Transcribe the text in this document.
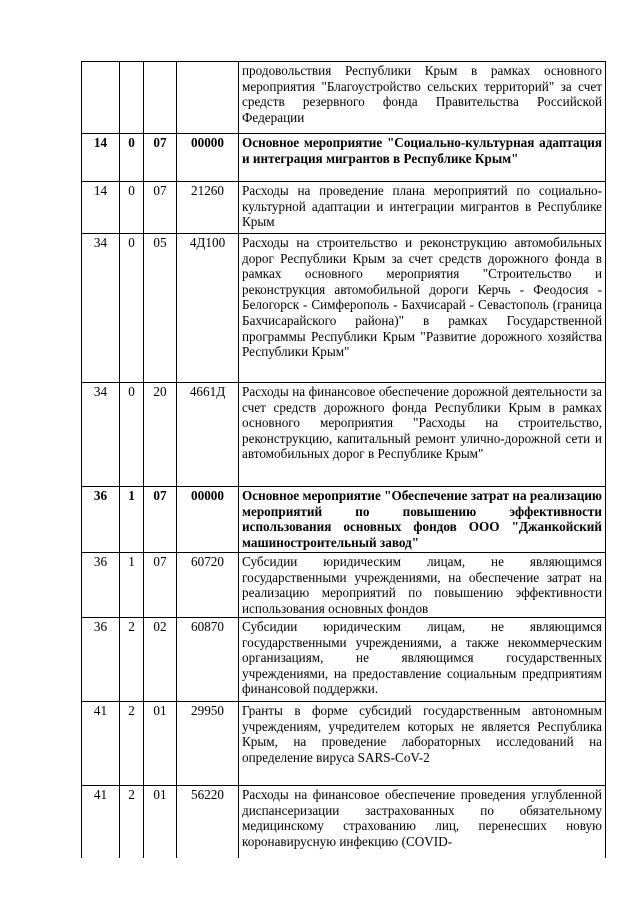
				продовольствия Республики Крым в рамках основного мероприятия "Благоустройство сельских территорий" за счет средств резервного фонда Правительства Российской Федерации
14	0	07	00000	Основное мероприятие "Социально-культурная адаптация и интеграция мигрантов в Республике Крым"
14	0	07	21260	Расходы на проведение плана мероприятий по социально-культурной адаптации и интеграции мигрантов в Республике Крым
34	0	05	4Д100	Расходы на строительство и реконструкцию автомобильных дорог Республики Крым за счет средств дорожного фонда в рамках основного мероприятия "Строительство и реконструкция автомобильной дороги Керчь - Феодосия - Белогорск - Симферополь - Бахчисарай - Севастополь (граница Бахчисарайского района)" в рамках Государственной программы Республики Крым "Развитие дорожного хозяйства Республики Крым"
34	0	20	4661Д	Расходы на финансовое обеспечение дорожной деятельности за счет средств дорожного фонда Республики Крым в рамках основного мероприятия "Расходы на строительство, реконструкцию, капитальный ремонт улично-дорожной сети и автомобильных дорог в Республике Крым"
36	1	07	00000	Основное мероприятие "Обеспечение затрат на реализацию мероприятий по повышению эффективности использования основных фондов ООО "Джанкойский машиностроительный завод"
36	1	07	60720	Субсидии юридическим лицам, не являющимся государственными учреждениями, на обеспечение затрат на реализацию мероприятий по повышению эффективности использования основных фондов
36	2	02	60870	Субсидии юридическим лицам, не являющимся государственными учреждениями, а также некоммерческим организациям, не являющимся государственных учреждениями, на предоставление социальным предприятиям финансовой поддержки.
41	2	01	29950	Гранты в форме субсидий государственным автономным учреждениям, учредителем которых не является Республика Крым, на проведение лабораторных исследований на определение вируса SARS-CoV-2
41	2	01	56220	Расходы на финансовое обеспечение проведения углубленной диспансеризации застрахованных по обязательному медицинскому страхованию лиц, перенесших новую коронавирусную инфекцию (COVID-
